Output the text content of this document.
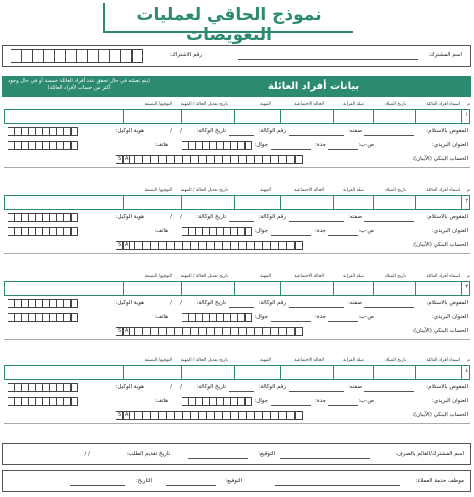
نموذج الحاقي لعمليات التعويضات
اسم المشترك:
رقم الاشتراك:
بيانات أفراد العائلة
(يتم تعبئته في حال تحقق عدد أفراد العائلة خمسة أو في حال وجود أكثر من حساب لأفراد العائلة)
م
اسماء أفراد العائلة
تاريخ الميلاد
صلة القرابة
الحالة الاجتماعية
المهنة
تاريخ تعديل الحالة / المهنة
التوقيع/ البصمة
١
المفوض بالاستلام:
صفته:
رقم الوكالة:
تاريخ الوكالة:
/
/
هوية الوكيل:
العنوان البريدي:
ص-ب:
جدة:
جوال:
هاتف:
الحساب البنكي (الآيبان):
A
S
م
اسماء أفراد العائلة
تاريخ الميلاد
صلة القرابة
الحالة الاجتماعية
المهنة
تاريخ تعديل الحالة / المهنة
التوقيع/ البصمة
٢
المفوض بالاستلام:
صفته:
رقم الوكالة:
تاريخ الوكالة:
/
/
هوية الوكيل:
العنوان البريدي:
ص-ب:
جدة:
جوال:
هاتف:
الحساب البنكي (الآيبان):
A
S
م
اسماء أفراد العائلة
تاريخ الميلاد
صلة القرابة
الحالة الاجتماعية
المهنة
تاريخ تعديل الحالة / المهنة
التوقيع/ البصمة
٣
المفوض بالاستلام:
صفته:
رقم الوكالة:
تاريخ الوكالة:
/
/
هوية الوكيل:
العنوان البريدي:
ص-ب:
جدة:
جوال:
هاتف:
الحساب البنكي (الآيبان):
A
S
م
اسماء أفراد العائلة
تاريخ الميلاد
صلة القرابة
الحالة الاجتماعية
المهنة
تاريخ تعديل الحالة / المهنة
التوقيع/ البصمة
٤
المفوض بالاستلام:
صفته:
رقم الوكالة:
تاريخ الوكالة:
/
/
هوية الوكيل:
العنوان البريدي:
ص-ب:
جدة:
جوال:
هاتف:
الحساب البنكي (الآيبان):
A
S
اسم المشترك/القائم بالصرف:
التوقيع:
تاريخ تقديم الطلب:
/ /
موظف خدمة العملاء:
التوقيع:
التاريخ:
